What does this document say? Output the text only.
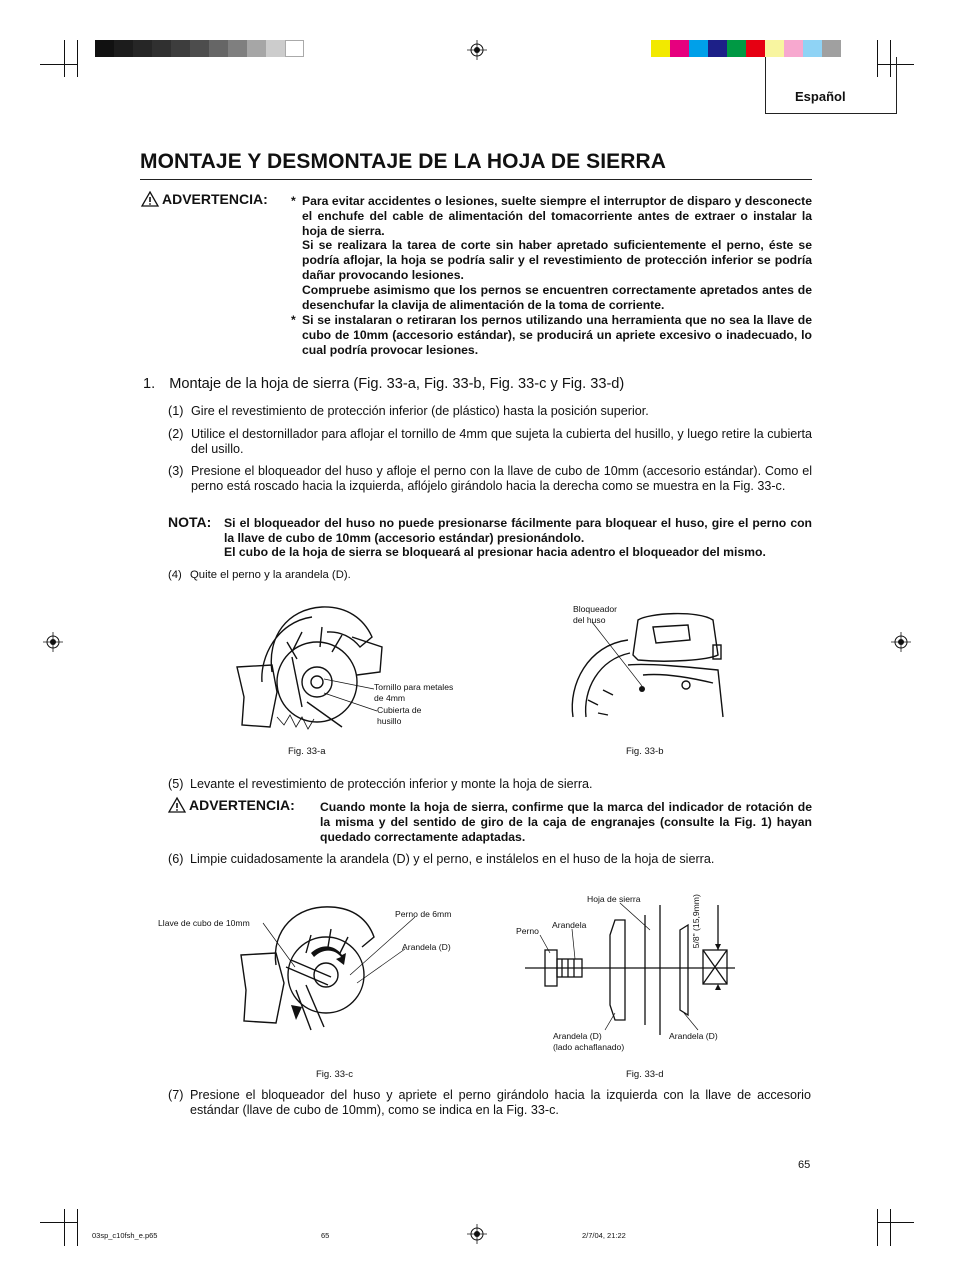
Español
MONTAJE Y DESMONTAJE DE LA HOJA DE SIERRA
ADVERTENCIA: * Para evitar accidentes o lesiones, suelte siempre el interruptor de disparo y desconecte el enchufe del cable de alimentación del tomacorriente antes de extraer o instalar la hoja de sierra.
Si se realizara la tarea de corte sin haber apretado suficientemente el perno, éste se podría aflojar, la hoja se podría salir y el revestimiento de protección inferior se podría dañar provocando lesiones.
Compruebe asimismo que los pernos se encuentren correctamente apretados antes de desenchufar la clavija de alimentación de la toma de corriente.
* Si se instalaran o retiraran los pernos utilizando una herramienta que no sea la llave de cubo de 10mm (accesorio estándar), se producirá un apriete excesivo o inadecuado, lo cual podría provocar lesiones.
1. Montaje de la hoja de sierra (Fig. 33-a, Fig. 33-b, Fig. 33-c y Fig. 33-d)
(1) Gire el revestimiento de protección inferior (de plástico) hasta la posición superior.
(2) Utilice el destornillador para aflojar el tornillo de 4mm que sujeta la cubierta del husillo, y luego retire la cubierta del usillo.
(3) Presione el bloqueador del huso y afloje el perno con la llave de cubo de 10mm (accesorio estándar). Como el perno está roscado hacia la izquierda, aflójelo girándolo hacia la derecha como se muestra en la Fig. 33-c.
NOTA: Si el bloqueador del huso no puede presionarse fácilmente para bloquear el huso, gire el perno con la llave de cubo de 10mm (accesorio estándar) presionándolo.
El cubo de la hoja de sierra se bloqueará al presionar hacia adentro el bloqueador del mismo.
(4) Quite el perno y la arandela (D).
Tornillo para metales
de 4mm
Cubierta de
husillo
Fig. 33-a
Bloqueador
del huso
Fig. 33-b
(5) Levante el revestimiento de protección inferior y monte la hoja de sierra.
ADVERTENCIA: Cuando monte la hoja de sierra, confirme que la marca del indicador de rotación de la misma y del sentido de giro de la caja de engranajes (consulte la Fig. 1) hayan quedado correctamente adaptadas.
(6) Limpie cuidadosamente la arandela (D) y el perno, e instálelos en el huso de la hoja de sierra.
Llave de cubo de 10mm
Perno de 6mm
Arandela (D)
Fig. 33-c
Hoja de sierra
Perno
Arandela	5/8" (15,9mm)
Arandela (D)
(lado achaflanado)
Arandela (D)
Fig. 33-d
(7) Presione el bloqueador del huso y apriete el perno girándolo hacia la izquierda con la llave de accesorio estándar (llave de cubo de 10mm), como se indica en la Fig. 33-c.
65
03sp_c10fsh_e.p65	65	2/7/04, 21:22
